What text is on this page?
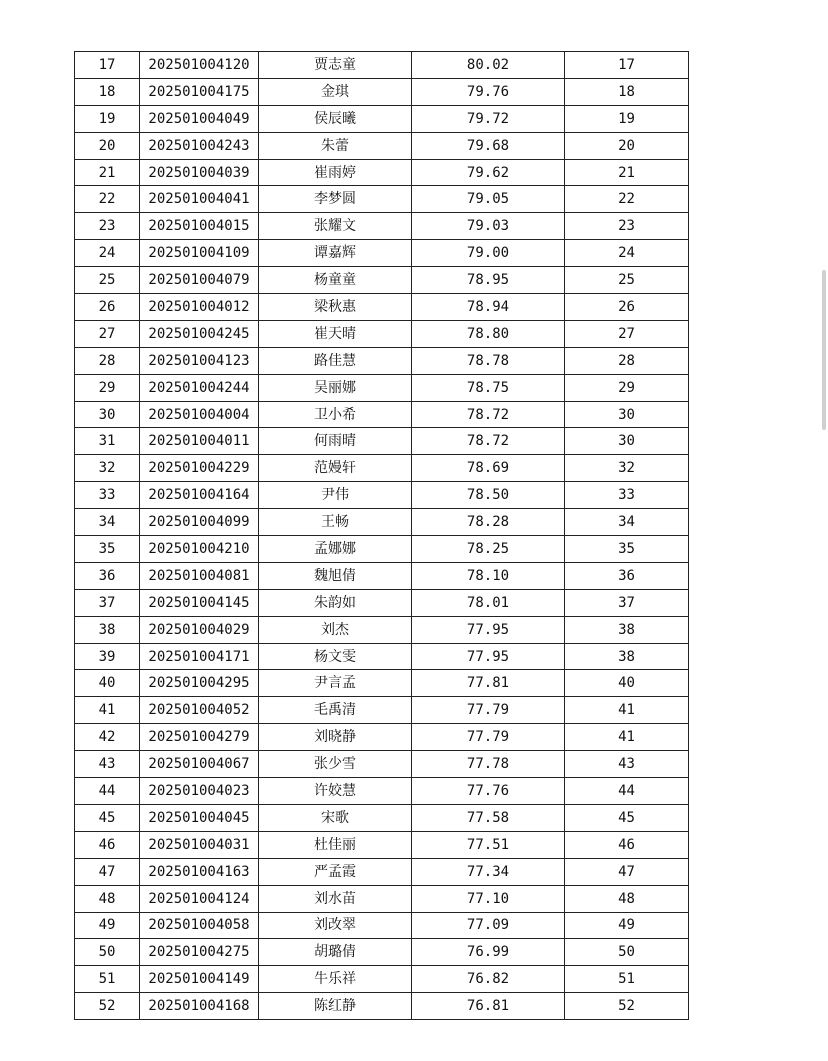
17	202501004120	贾志童	80.02	17
18	202501004175	金琪	79.76	18
19	202501004049	侯辰曦	79.72	19
20	202501004243	朱蕾	79.68	20
21	202501004039	崔雨婷	79.62	21
22	202501004041	李梦圆	79.05	22
23	202501004015	张耀文	79.03	23
24	202501004109	谭嘉辉	79.00	24
25	202501004079	杨童童	78.95	25
26	202501004012	梁秋惠	78.94	26
27	202501004245	崔天晴	78.80	27
28	202501004123	路佳慧	78.78	28
29	202501004244	吴丽娜	78.75	29
30	202501004004	卫小希	78.72	30
31	202501004011	何雨晴	78.72	30
32	202501004229	范嫚轩	78.69	32
33	202501004164	尹伟	78.50	33
34	202501004099	王畅	78.28	34
35	202501004210	孟娜娜	78.25	35
36	202501004081	魏旭倩	78.10	36
37	202501004145	朱韵如	78.01	37
38	202501004029	刘杰	77.95	38
39	202501004171	杨文雯	77.95	38
40	202501004295	尹言孟	77.81	40
41	202501004052	毛禹清	77.79	41
42	202501004279	刘晓静	77.79	41
43	202501004067	张少雪	77.78	43
44	202501004023	许姣慧	77.76	44
45	202501004045	宋歌	77.58	45
46	202501004031	杜佳丽	77.51	46
47	202501004163	严孟霞	77.34	47
48	202501004124	刘水苗	77.10	48
49	202501004058	刘改翠	77.09	49
50	202501004275	胡璐倩	76.99	50
51	202501004149	牛乐祥	76.82	51
52	202501004168	陈红静	76.81	52
